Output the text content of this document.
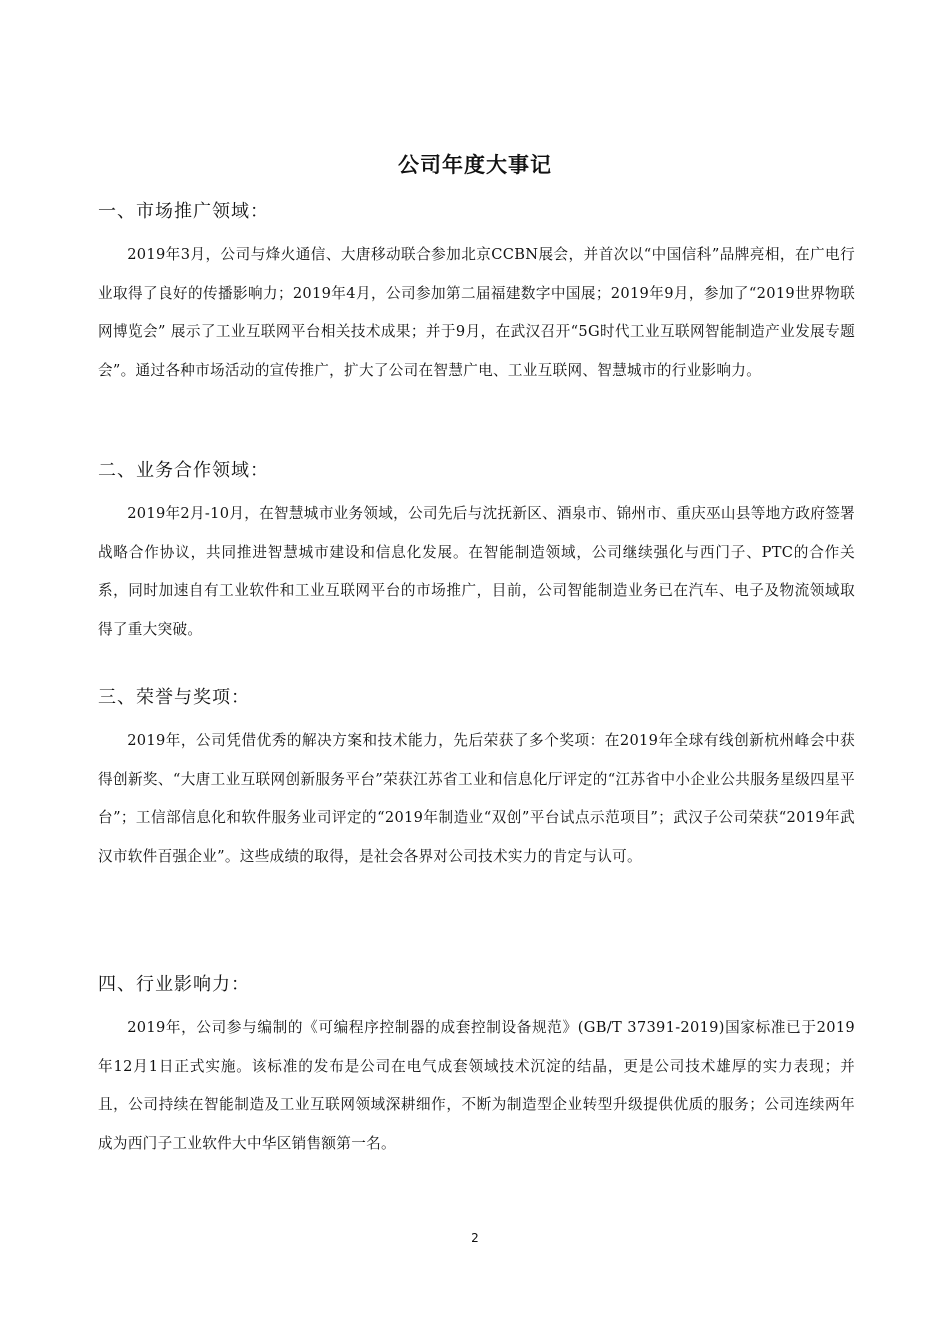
公司年度大事记
一、市场推广领域：

2019年3月，公司与烽火通信、大唐移动联合参加北京CCBN展会，并首次以“中国信科”品牌亮相，在广电行业取得了良好的传播影响力；2019年4月，公司参加第二届福建数字中国展；2019年9月，参加了“2019世界物联网博览会” 展示了工业互联网平台相关技术成果；并于9月，在武汉召开“5G时代工业互联网智能制造产业发展专题会”。通过各种市场活动的宣传推广，扩大了公司在智慧广电、工业互联网、智慧城市的行业影响力。

二、业务合作领域：

2019年2月-10月，在智慧城市业务领域，公司先后与沈抚新区、酒泉市、锦州市、重庆巫山县等地方政府签署战略合作协议，共同推进智慧城市建设和信息化发展。在智能制造领域，公司继续强化与西门子、PTC的合作关系，同时加速自有工业软件和工业互联网平台的市场推广，目前，公司智能制造业务已在汽车、电子及物流领域取得了重大突破。

三、荣誉与奖项：

2019年，公司凭借优秀的解决方案和技术能力，先后荣获了多个奖项：在2019年全球有线创新杭州峰会中获得创新奖、“大唐工业互联网创新服务平台”荣获江苏省工业和信息化厅评定的“江苏省中小企业公共服务星级四星平台”；工信部信息化和软件服务业司评定的“2019年制造业“双创”平台试点示范项目”；武汉子公司荣获“2019年武汉市软件百强企业”。这些成绩的取得，是社会各界对公司技术实力的肯定与认可。

四、行业影响力：

2019年，公司参与编制的《可编程序控制器的成套控制设备规范》(GB/T 37391-2019)国家标准已于2019年12月1日正式实施。该标准的发布是公司在电气成套领域技术沉淀的结晶，更是公司技术雄厚的实力表现；并且，公司持续在智能制造及工业互联网领域深耕细作，不断为制造型企业转型升级提供优质的服务；公司连续两年成为西门子工业软件大中华区销售额第一名。

2
